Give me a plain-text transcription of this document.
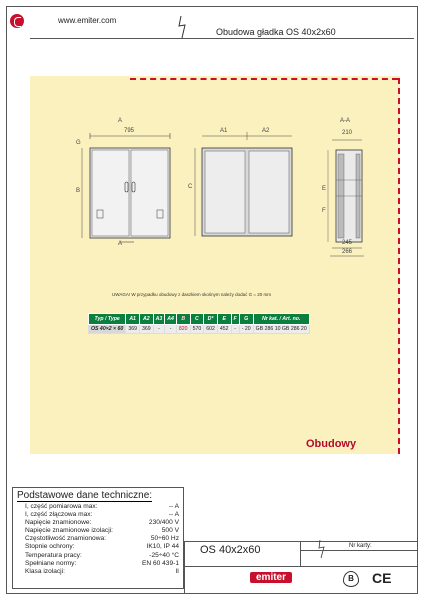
www.emiter.com
Obudowa gładka OS 40x2x60
795
A
A
B
G
A1	A2
C
A-A
210
E
F
245
266
UWAGA! W przypadku obudowy z daszkiem skośnym należy dodać G = 20 mm
Typ / Type	A1	A2	A3	A4	B	C	D*	E	F	G	Nr kat. / Art. no.
OS 40×2 × 60	369	369	-	-	820	570	602	452	-	- 20	GB 286 10 GB 286 20
Obudowy
Podstawowe dane techniczne:
I, część pomiarowa max:	-- A
I, część złączowa max:	-- A
Napięcie znamionowe:	230/400 V
Napięcie znamionowe izolacji:	500 V
Częstotliwość znamionowa:	50÷60 Hz
Stopnie ochrony:	IK10, IP 44
Temperatura pracy:	-25÷40 °C
Spełniane normy:	EN 60 439-1
Klasa izolacji:	II
OS 40x2x60	Nr karty:
emiter	B	CE
